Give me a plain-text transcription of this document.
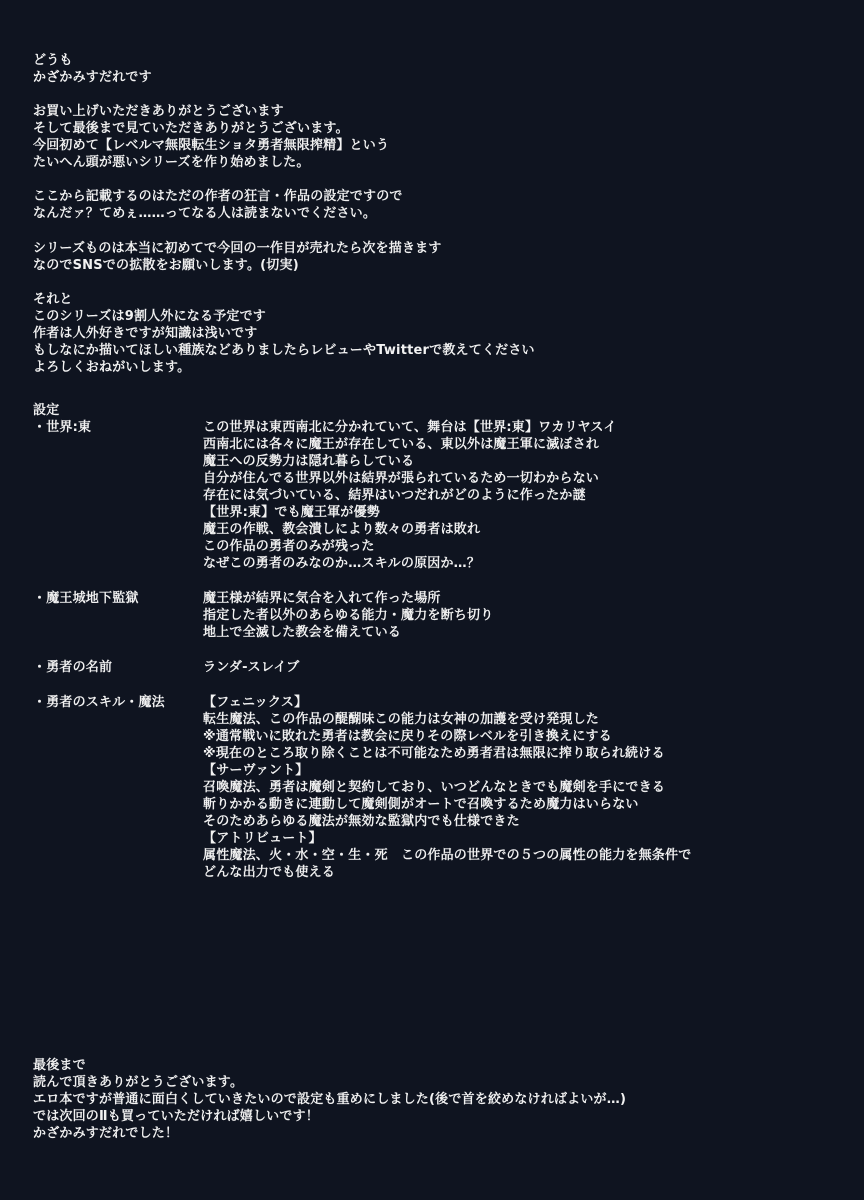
どうも
かざかみすだれです
お買い上げいただきありがとうございます
そして最後まで見ていただきありがとうございます。
今回初めて【レベルマ無限転生ショタ勇者無限搾精】という
たいへん頭が悪いシリーズを作り始めました。
ここから記載するのはただの作者の狂言・作品の設定ですので
なんだァ？てめぇ……ってなる人は読まないでください。
シリーズものは本当に初めてで今回の一作目が売れたら次を描きます
なのでSNSでの拡散をお願いします。(切実)
それと
このシリーズは9割人外になる予定です
作者は人外好きですが知識は浅いです
もしなにか描いてほしい種族などありましたらレビューやTwitterで教えてください
よろしくおねがいします。
設定
・世界:東	この世界は東西南北に分かれていて、舞台は【世界:東】ワカリヤスイ
西南北には各々に魔王が存在している、東以外は魔王軍に滅ぼされ
魔王への反勢力は隠れ暮らしている
自分が住んでる世界以外は結界が張られているため一切わからない
存在には気づいている、結界はいつだれがどのように作ったか謎
【世界:東】でも魔王軍が優勢
魔王の作戦、教会潰しにより数々の勇者は敗れ
この作品の勇者のみが残った
なぜこの勇者のみなのか…スキルの原因か…？
・魔王城地下監獄	魔王様が結界に気合を入れて作った場所
指定した者以外のあらゆる能力・魔力を断ち切り
地上で全滅した教会を備えている
・勇者の名前	ランダ-スレイブ
・勇者のスキル・魔法	【フェニックス】
転生魔法、この作品の醍醐味この能力は女神の加護を受け発現した
※通常戦いに敗れた勇者は教会に戻りその際レベルを引き換えにする
※現在のところ取り除くことは不可能なため勇者君は無限に搾り取られ続ける
【サーヴァント】
召喚魔法、勇者は魔剣と契約しており、いつどんなときでも魔剣を手にできる
斬りかかる動きに連動して魔剣側がオートで召喚するため魔力はいらない
そのためあらゆる魔法が無効な監獄内でも仕様できた
【アトリビュート】
属性魔法、火・水・空・生・死　この作品の世界での５つの属性の能力を無条件で
どんな出力でも使える
最後まで
読んで頂きありがとうございます。
エロ本ですが普通に面白くしていきたいので設定も重めにしました(後で首を絞めなければよいが…)
では次回のⅡも買っていただければ嬉しいです！
かざかみすだれでした！
